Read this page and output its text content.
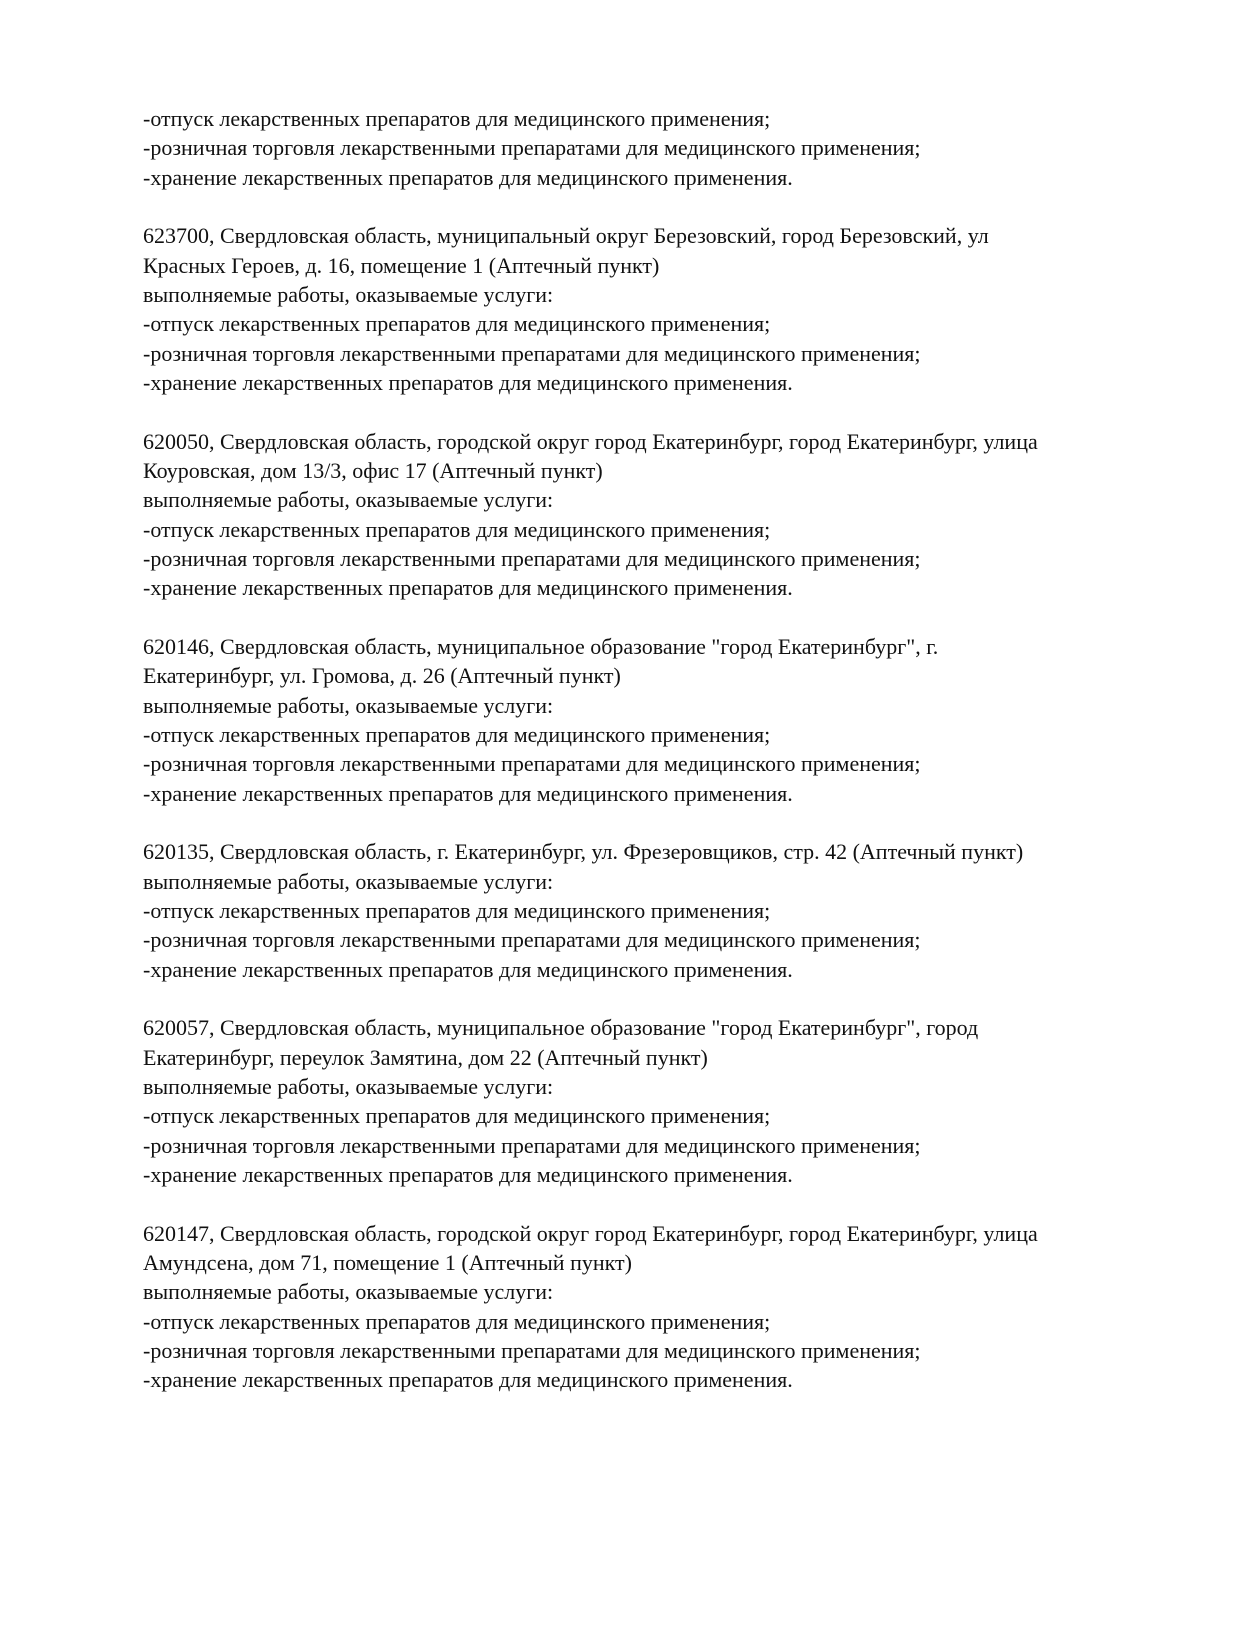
-отпуск лекарственных препаратов для медицинского применения;
-розничная торговля лекарственными препаратами для медицинского применения;
-хранение лекарственных препаратов для медицинского применения.
623700, Свердловская область, муниципальный округ Березовский, город Березовский, ул
Красных Героев, д. 16, помещение 1 (Аптечный пункт)
выполняемые работы, оказываемые услуги:
-отпуск лекарственных препаратов для медицинского применения;
-розничная торговля лекарственными препаратами для медицинского применения;
-хранение лекарственных препаратов для медицинского применения.
620050, Свердловская область, городской округ город Екатеринбург, город Екатеринбург, улица
Коуровская, дом 13/3, офис 17 (Аптечный пункт)
выполняемые работы, оказываемые услуги:
-отпуск лекарственных препаратов для медицинского применения;
-розничная торговля лекарственными препаратами для медицинского применения;
-хранение лекарственных препаратов для медицинского применения.
620146, Свердловская область, муниципальное образование "город Екатеринбург", г.
Екатеринбург, ул. Громова, д. 26 (Аптечный пункт)
выполняемые работы, оказываемые услуги:
-отпуск лекарственных препаратов для медицинского применения;
-розничная торговля лекарственными препаратами для медицинского применения;
-хранение лекарственных препаратов для медицинского применения.
620135, Свердловская область, г. Екатеринбург, ул. Фрезеровщиков, стр. 42 (Аптечный пункт)
выполняемые работы, оказываемые услуги:
-отпуск лекарственных препаратов для медицинского применения;
-розничная торговля лекарственными препаратами для медицинского применения;
-хранение лекарственных препаратов для медицинского применения.
620057, Свердловская область, муниципальное образование "город Екатеринбург", город
Екатеринбург, переулок Замятина, дом 22 (Аптечный пункт)
выполняемые работы, оказываемые услуги:
-отпуск лекарственных препаратов для медицинского применения;
-розничная торговля лекарственными препаратами для медицинского применения;
-хранение лекарственных препаратов для медицинского применения.
620147, Свердловская область, городской округ город Екатеринбург, город Екатеринбург, улица
Амундсена, дом 71, помещение 1 (Аптечный пункт)
выполняемые работы, оказываемые услуги:
-отпуск лекарственных препаратов для медицинского применения;
-розничная торговля лекарственными препаратами для медицинского применения;
-хранение лекарственных препаратов для медицинского применения.
